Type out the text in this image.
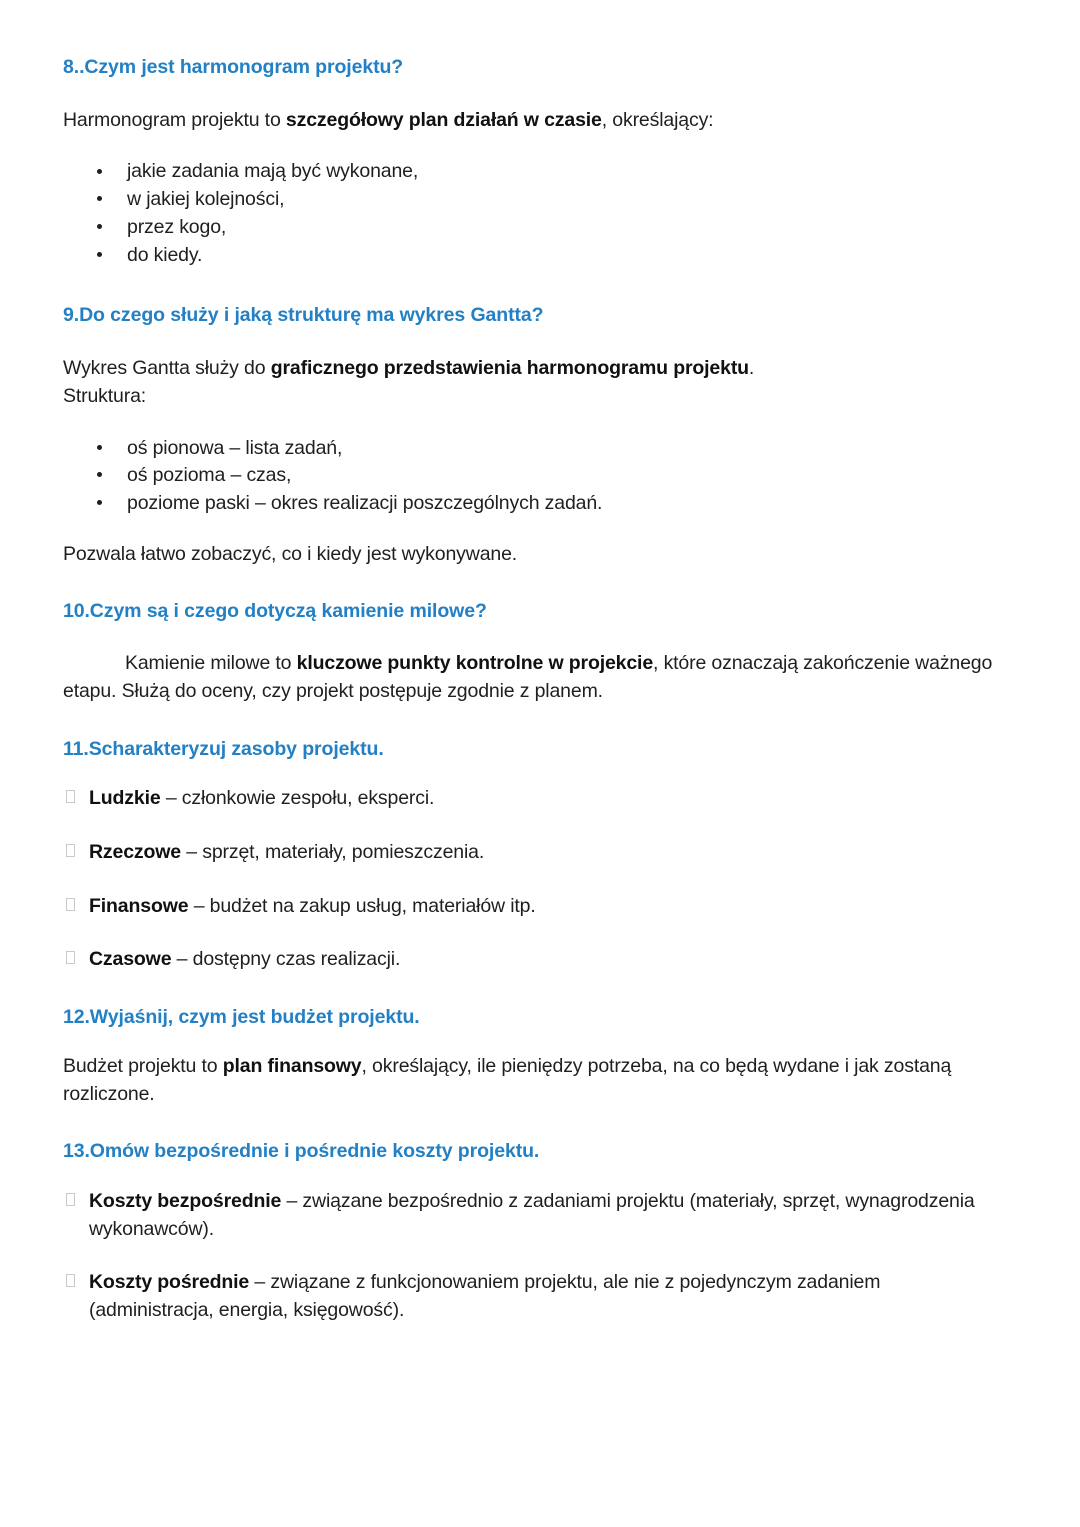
8..Czym jest harmonogram projektu?

Harmonogram projektu to szczegółowy plan działań w czasie, określający:

jakie zadania mają być wykonane,
w jakiej kolejności,
przez kogo,
do kiedy.
9.Do czego służy i jaką strukturę ma wykres Gantta?

Wykres Gantta służy do graficznego przedstawienia harmonogramu projektu.
Struktura:

oś pionowa – lista zadań,
oś pozioma – czas,
poziome paski – okres realizacji poszczególnych zadań.

Pozwala łatwo zobaczyć, co i kiedy jest wykonywane.

10.Czym są i czego dotyczą kamienie milowe?

Kamienie milowe to kluczowe punkty kontrolne w projekcie, które oznaczają zakończenie ważnego etapu. Służą do oceny, czy projekt postępuje zgodnie z planem.

11.Scharakteryzuj zasoby projektu.
Ludzkie – członkowie zespołu, eksperci.
Rzeczowe – sprzęt, materiały, pomieszczenia.
Finansowe – budżet na zakup usług, materiałów itp.
Czasowe – dostępny czas realizacji.
12.Wyjaśnij, czym jest budżet projektu.

Budżet projektu to plan finansowy, określający, ile pieniędzy potrzeba, na co będą wydane i jak zostaną rozliczone.

13.Omów bezpośrednie i pośrednie koszty projektu.
Koszty bezpośrednie – związane bezpośrednio z zadaniami projektu (materiały, sprzęt, wynagrodzenia wykonawców).
Koszty pośrednie – związane z funkcjonowaniem projektu, ale nie z pojedynczym zadaniem (administracja, energia, księgowość).
